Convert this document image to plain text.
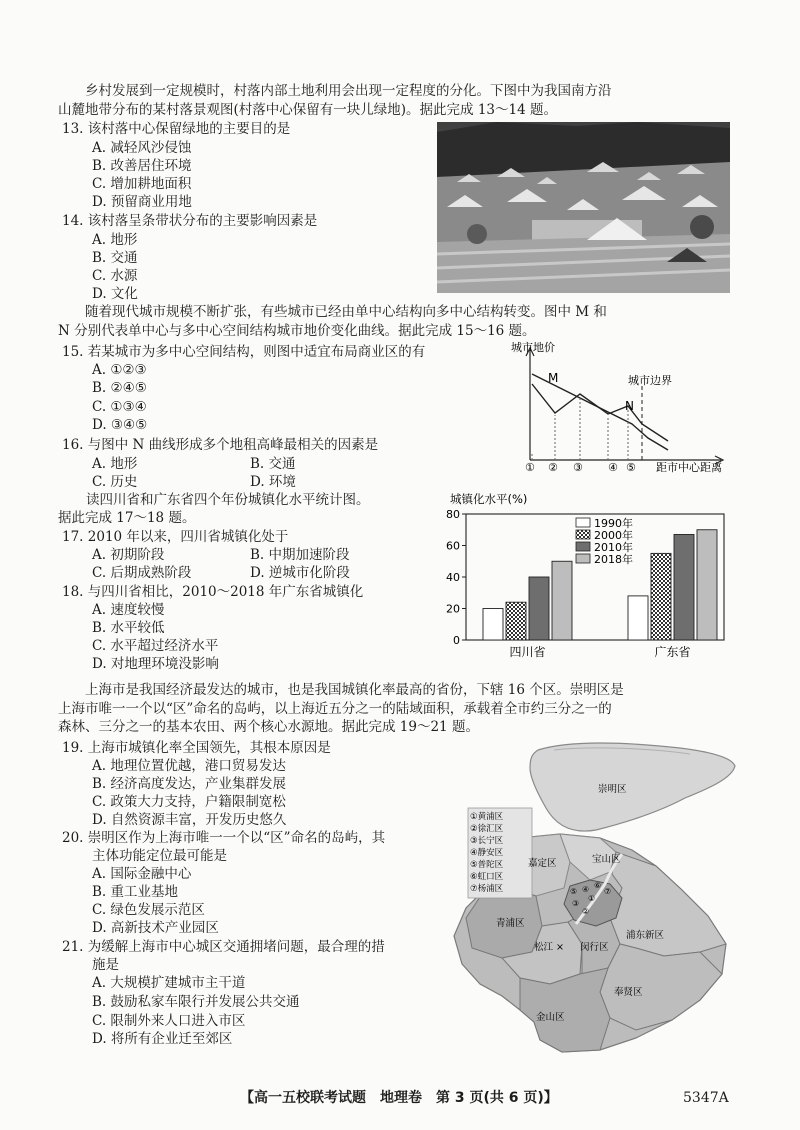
乡村发展到一定规模时，村落内部土地利用会出现一定程度的分化。下图中为我国南方沿
山麓地带分布的某村落景观图(村落中心保留有一块儿绿地)。据此完成 13～14 题。
13. 该村落中心保留绿地的主要目的是
A. 减轻风沙侵蚀
B. 改善居住环境
C. 增加耕地面积
D. 预留商业用地
14. 该村落呈条带状分布的主要影响因素是
A. 地形
B. 交通
C. 水源
D. 文化
随着现代城市规模不断扩张，有些城市已经由单中心结构向多中心结构转变。图中 M 和
N 分别代表单中心与多中心空间结构城市地价变化曲线。据此完成 15～16 题。
15. 若某城市为多中心空间结构，则图中适宜布局商业区的有
A. ①②③
B. ②④⑤
C. ①③④
D. ③④⑤
城市地价
M
N
城市边界
① ② ③ ④ ⑤ 距市中心距离
16. 与图中 N 曲线形成多个地租高峰最相关的因素是
A. 地形	B. 交通
C. 历史	D. 环境
读四川省和广东省四个年份城镇化水平统计图。
据此完成 17～18 题。
17. 2010 年以来，四川省城镇化处于
A. 初期阶段	B. 中期加速阶段
C. 后期成熟阶段	D. 逆城市化阶段
18. 与四川省相比，2010～2018 年广东省城镇化
A. 速度较慢
B. 水平较低
C. 水平超过经济水平
D. 对地理环境没影响
城镇化水平(%)
0
20
40
60
80
四川省	广东省
1990年
2000年
2010年
2018年
上海市是我国经济最发达的城市，也是我国城镇化率最高的省份，下辖 16 个区。崇明区是
上海市唯一一个以“区”命名的岛屿，以上海近五分之一的陆域面积，承载着全市约三分之一的
森林、三分之一的基本农田、两个核心水源地。据此完成 19～21 题。
19. 上海市城镇化率全国领先，其根本原因是
A. 地理位置优越，港口贸易发达
B. 经济高度发达，产业集群发展
C. 政策大力支持，户籍限制宽松
D. 自然资源丰富，开发历史悠久
20. 崇明区作为上海市唯一一个以“区”命名的岛屿，其
主体功能定位最可能是
A. 国际金融中心
B. 重工业基地
C. 绿色发展示范区
D. 高新技术产业园区
21. 为缓解上海市中心城区交通拥堵问题，最合理的措
施是
A. 大规模扩建城市主干道
B. 鼓励私家车限行并发展公共交通
C. 限制外来人口进入市区
D. 将所有企业迁至郊区
①黄浦区
②徐汇区
③长宁区
④静安区
⑤普陀区
⑥虹口区
⑦杨浦区
崇明区
宝山区
嘉定区
青浦区
松江 × 闵行区
浦东新区
奉贤区
金山区
①
②
③
④
⑤
⑥
⑦
【高一五校联考试题　地理卷　第 3 页(共 6 页)】	5347A
